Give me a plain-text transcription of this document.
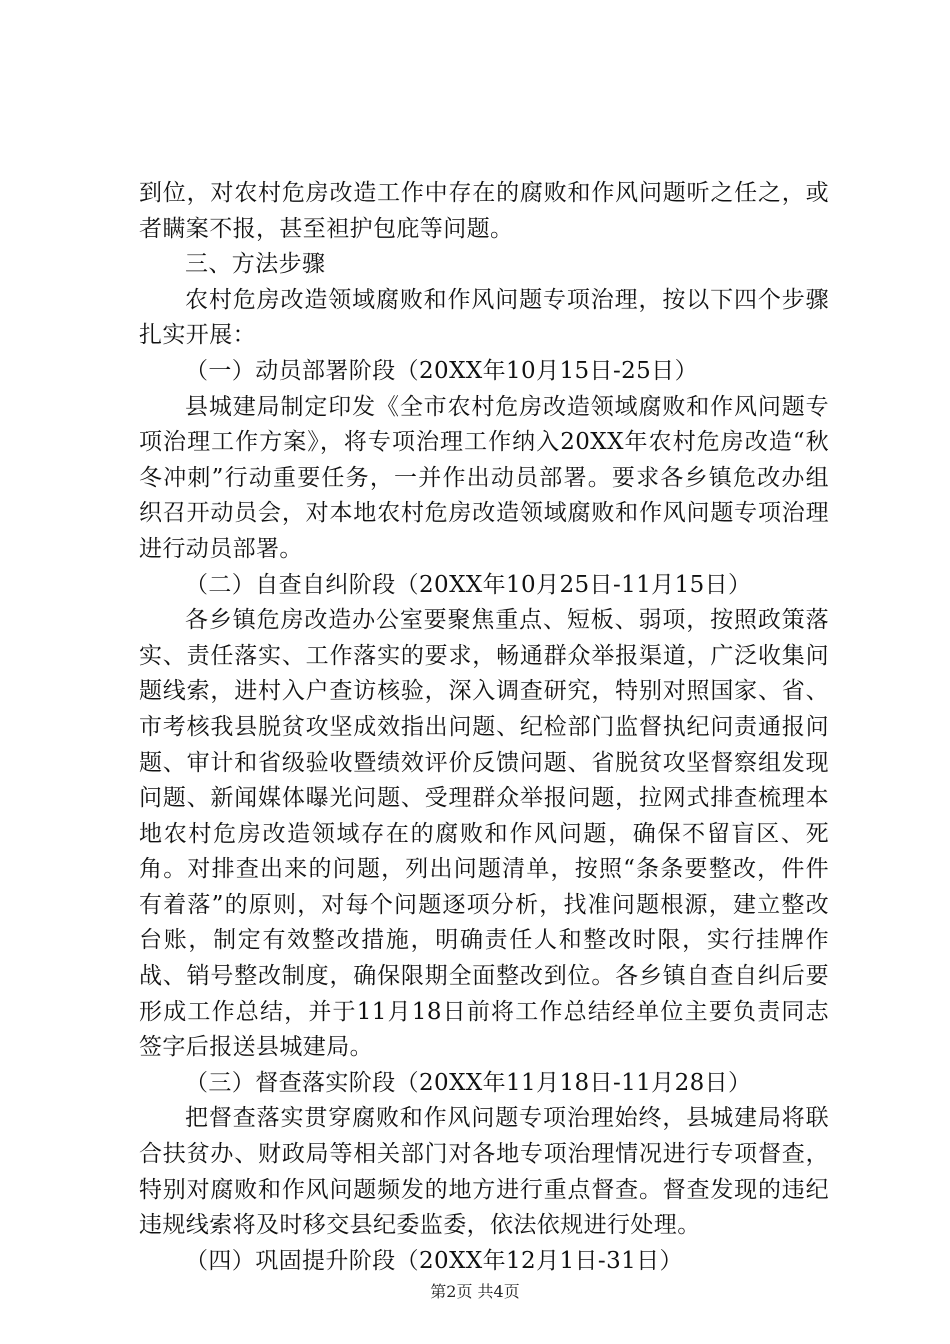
到位，对农村危房改造工作中存在的腐败和作风问题听之任之，或者瞒案不报，甚至袒护包庇等问题。

三、方法步骤

农村危房改造领域腐败和作风问题专项治理，按以下四个步骤扎实开展：

（一）动员部署阶段（20XX年10月15日-25日）

县城建局制定印发《全市农村危房改造领域腐败和作风问题专项治理工作方案》，将专项治理工作纳入20XX年农村危房改造“秋冬冲刺”行动重要任务，一并作出动员部署。要求各乡镇危改办组织召开动员会，对本地农村危房改造领域腐败和作风问题专项治理进行动员部署。

（二）自查自纠阶段（20XX年10月25日-11月15日）

各乡镇危房改造办公室要聚焦重点、短板、弱项，按照政策落实、责任落实、工作落实的要求，畅通群众举报渠道，广泛收集问题线索，进村入户查访核验，深入调查研究，特别对照国家、省、市考核我县脱贫攻坚成效指出问题、纪检部门监督执纪问责通报问题、审计和省级验收暨绩效评价反馈问题、省脱贫攻坚督察组发现问题、新闻媒体曝光问题、受理群众举报问题，拉网式排查梳理本地农村危房改造领域存在的腐败和作风问题，确保不留盲区、死角。对排查出来的问题，列出问题清单，按照“条条要整改，件件有着落”的原则，对每个问题逐项分析，找准问题根源，建立整改台账，制定有效整改措施，明确责任人和整改时限，实行挂牌作战、销号整改制度，确保限期全面整改到位。各乡镇自查自纠后要形成工作总结，并于11月18日前将工作总结经单位主要负责同志签字后报送县城建局。

（三）督查落实阶段（20XX年11月18日-11月28日）

把督查落实贯穿腐败和作风问题专项治理始终，县城建局将联合扶贫办、财政局等相关部门对各地专项治理情况进行专项督查，特别对腐败和作风问题频发的地方进行重点督查。督查发现的违纪违规线索将及时移交县纪委监委，依法依规进行处理。

（四）巩固提升阶段（20XX年12月1日-31日）

第2页 共4页
